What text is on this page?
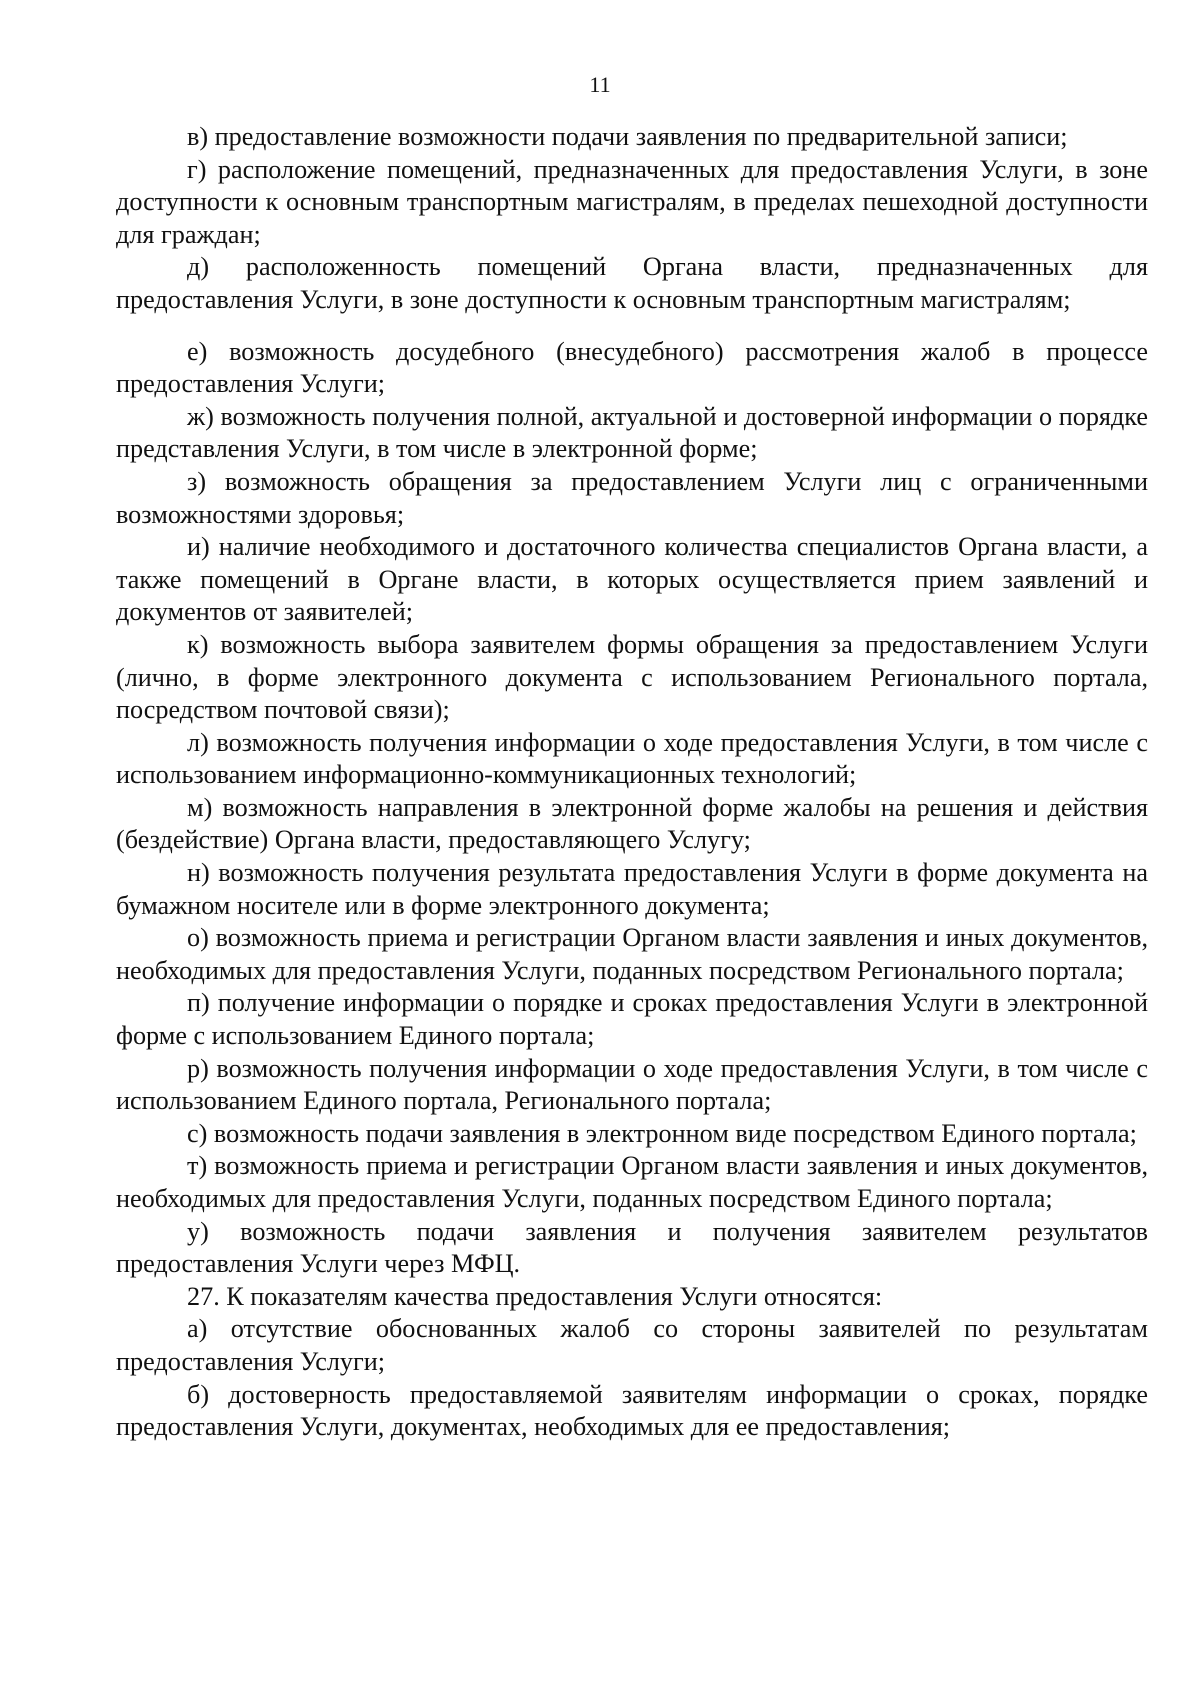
11

в) предоставление возможности подачи заявления по предварительной записи;

г) расположение помещений, предназначенных для предоставления Услуги, в зоне доступности к основным транспортным магистралям, в пределах пешеходной доступности для граждан;

д) расположенность помещений Органа власти, предназначенных для предоставления Услуги, в зоне доступности к основным транспортным магистралям;

е) возможность досудебного (внесудебного) рассмотрения жалоб в процессе предоставления Услуги;

ж) возможность получения полной, актуальной и достоверной информации о порядке представления Услуги, в том числе в электронной форме;

з) возможность обращения за предоставлением Услуги лиц с ограниченными возможностями здоровья;

и) наличие необходимого и достаточного количества специалистов Органа власти, а также помещений в Органе власти, в которых осуществляется прием заявлений и документов от заявителей;

к) возможность выбора заявителем формы обращения за предоставлением Услуги (лично, в форме электронного документа с использованием Регионального портала, посредством почтовой связи);

л) возможность получения информации о ходе предоставления Услуги, в том числе с использованием информационно-коммуникационных технологий;

м) возможность направления в электронной форме жалобы на решения и действия (бездействие) Органа власти, предоставляющего Услугу;

н) возможность получения результата предоставления Услуги в форме документа на бумажном носителе или в форме электронного документа;

о) возможность приема и регистрации Органом власти заявления и иных документов, необходимых для предоставления Услуги, поданных посредством Регионального портала;

п) получение информации о порядке и сроках предоставления Услуги в электронной форме с использованием Единого портала;

р) возможность получения информации о ходе предоставления Услуги, в том числе с использованием Единого портала, Регионального портала;

с) возможность подачи заявления в электронном виде посредством Единого портала;

т) возможность приема и регистрации Органом власти заявления и иных документов, необходимых для предоставления Услуги, поданных посредством Единого портала;

у) возможность подачи заявления и получения заявителем результатов предоставления Услуги через МФЦ.

27. К показателям качества предоставления Услуги относятся:

а) отсутствие обоснованных жалоб со стороны заявителей по результатам предоставления Услуги;

б) достоверность предоставляемой заявителям информации о сроках, порядке предоставления Услуги, документах, необходимых для ее предоставления;
